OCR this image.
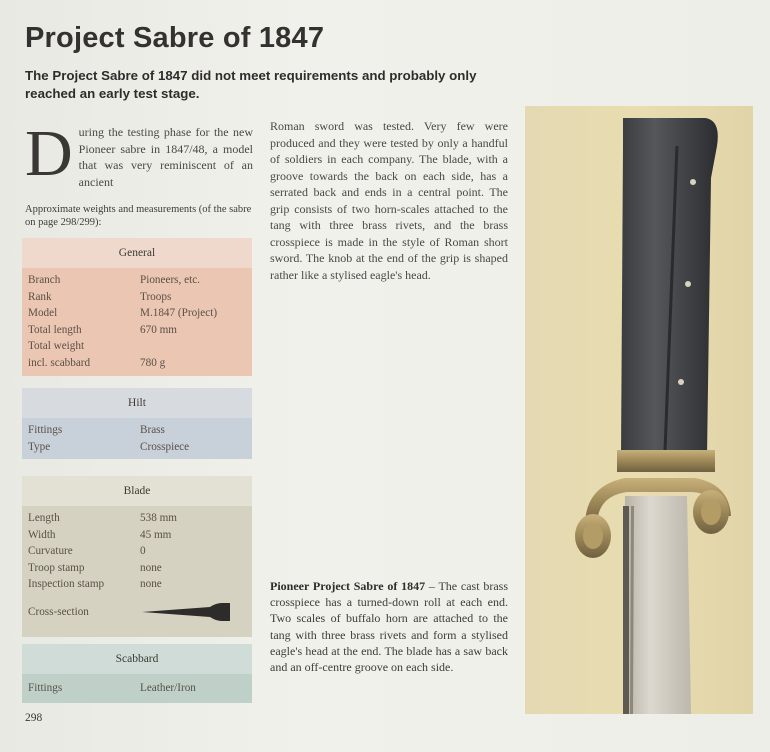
Project Sabre of 1847
The Project Sabre of 1847 did not meet requirements and probably only reached an early test stage.
During the testing phase for the new Pioneer sabre in 1847/48, a model that was very reminiscent of an ancient
Approximate weights and measurements (of the sabre on page 298/299):
General
Branch	Pioneers, etc.
Rank	Troops
Model	M.1847 (Project)
Total length	670 mm
Total weight
incl. scabbard	780 g
Hilt
Fittings	Brass
Type	Crosspiece
Blade
Length	538 mm
Width	45 mm
Curvature	0
Troop stamp	none
Inspection stamp	none
Cross-section
Scabbard
Fittings	Leather/Iron
Roman sword was tested. Very few were produced and they were tested by only a handful of soldiers in each company. The blade, with a groove towards the back on each side, has a serrated back and ends in a central point. The grip consists of two horn-scales attached to the tang with three brass rivets, and the brass crosspiece is made in the style of Roman short sword. The knob at the end of the grip is shaped rather like a stylised eagle's head.
Pioneer Project Sabre of 1847 – The cast brass crosspiece has a turned-down roll at each end. Two scales of buffalo horn are attached to the tang with three brass rivets and form a stylised eagle's head at the end. The blade has a saw back and an off-centre groove on each side.
298
